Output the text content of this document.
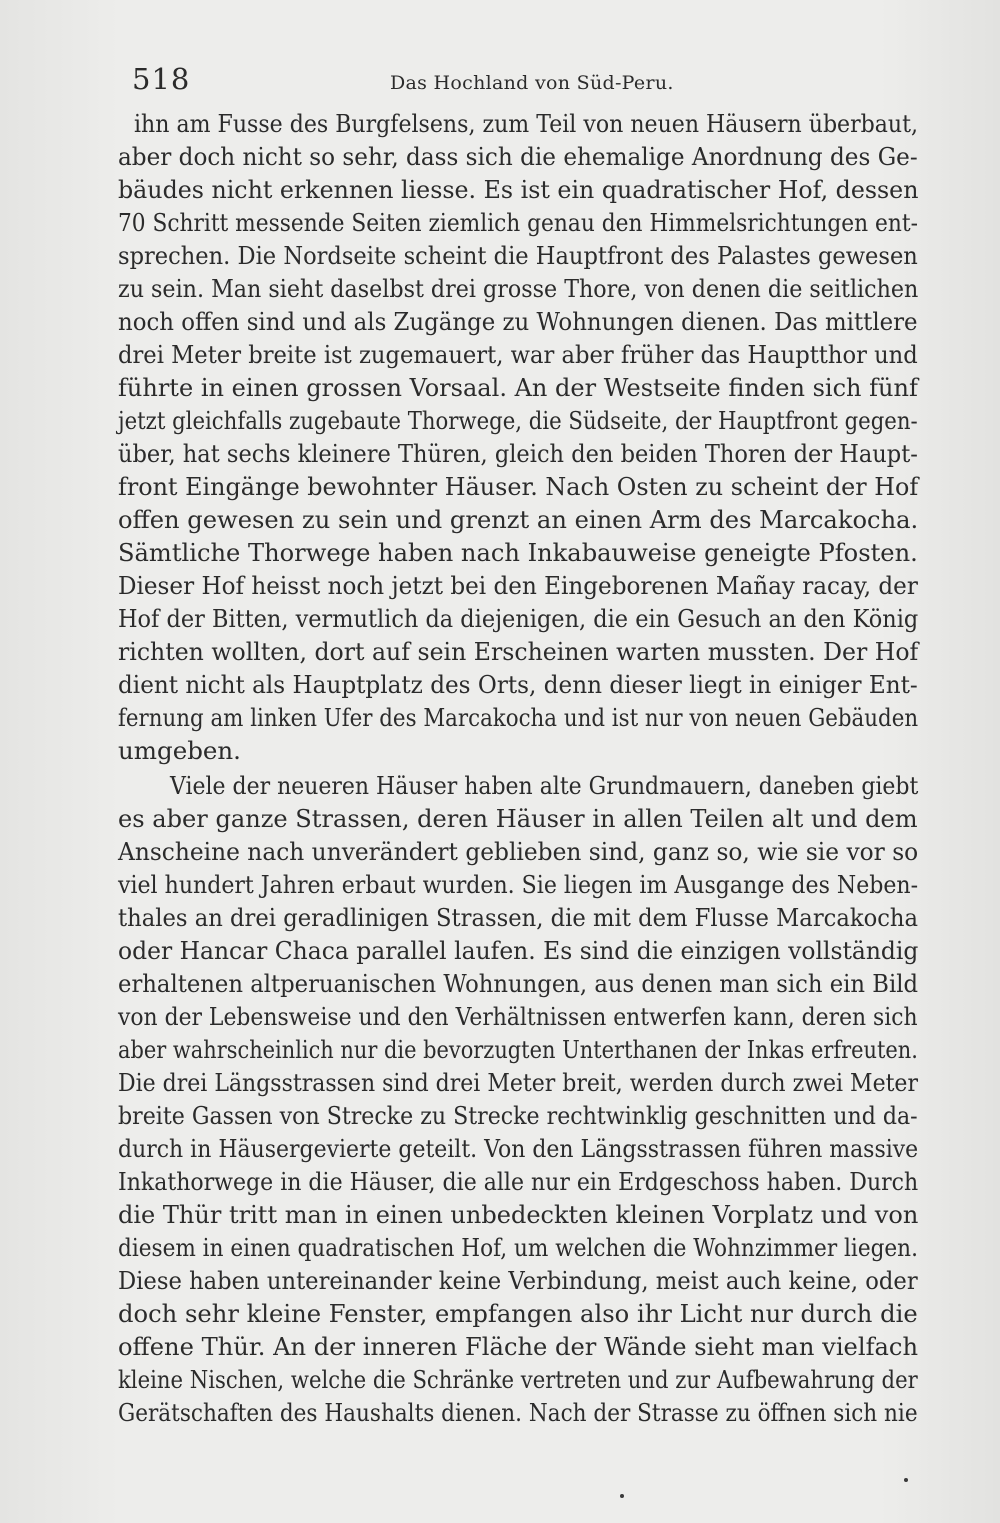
518	Das Hochland von Süd-Peru.
ihn am Fusse des Burgfelsens, zum Teil von neuen Häusern überbaut,
aber doch nicht so sehr, dass sich die ehemalige Anordnung des Ge-
bäudes nicht erkennen liesse. Es ist ein quadratischer Hof, dessen
70 Schritt messende Seiten ziemlich genau den Himmelsrichtungen ent-
sprechen. Die Nordseite scheint die Hauptfront des Palastes gewesen
zu sein. Man sieht daselbst drei grosse Thore, von denen die seitlichen
noch offen sind und als Zugänge zu Wohnungen dienen. Das mittlere
drei Meter breite ist zugemauert, war aber früher das Hauptthor und
führte in einen grossen Vorsaal. An der Westseite finden sich fünf
jetzt gleichfalls zugebaute Thorwege, die Südseite, der Hauptfront gegen-
über, hat sechs kleinere Thüren, gleich den beiden Thoren der Haupt-
front Eingänge bewohnter Häuser. Nach Osten zu scheint der Hof
offen gewesen zu sein und grenzt an einen Arm des Marcakocha.
Sämtliche Thorwege haben nach Inkabauweise geneigte Pfosten.
Dieser Hof heisst noch jetzt bei den Eingeborenen Mañay racay, der
Hof der Bitten, vermutlich da diejenigen, die ein Gesuch an den König
richten wollten, dort auf sein Erscheinen warten mussten. Der Hof
dient nicht als Hauptplatz des Orts, denn dieser liegt in einiger Ent-
fernung am linken Ufer des Marcakocha und ist nur von neuen Gebäuden
umgeben.
Viele der neueren Häuser haben alte Grundmauern, daneben giebt
es aber ganze Strassen, deren Häuser in allen Teilen alt und dem
Anscheine nach unverändert geblieben sind, ganz so, wie sie vor so
viel hundert Jahren erbaut wurden. Sie liegen im Ausgange des Neben-
thales an drei geradlinigen Strassen, die mit dem Flusse Marcakocha
oder Hancar Chaca parallel laufen. Es sind die einzigen vollständig
erhaltenen altperuanischen Wohnungen, aus denen man sich ein Bild
von der Lebensweise und den Verhältnissen entwerfen kann, deren sich
aber wahrscheinlich nur die bevorzugten Unterthanen der Inkas erfreuten.
Die drei Längsstrassen sind drei Meter breit, werden durch zwei Meter
breite Gassen von Strecke zu Strecke rechtwinklig geschnitten und da-
durch in Häusergevierte geteilt. Von den Längsstrassen führen massive
Inkathorwege in die Häuser, die alle nur ein Erdgeschoss haben. Durch
die Thür tritt man in einen unbedeckten kleinen Vorplatz und von
diesem in einen quadratischen Hof, um welchen die Wohnzimmer liegen.
Diese haben untereinander keine Verbindung, meist auch keine, oder
doch sehr kleine Fenster, empfangen also ihr Licht nur durch die
offene Thür. An der inneren Fläche der Wände sieht man vielfach
kleine Nischen, welche die Schränke vertreten und zur Aufbewahrung der
Gerätschaften des Haushalts dienen. Nach der Strasse zu öffnen sich nie
